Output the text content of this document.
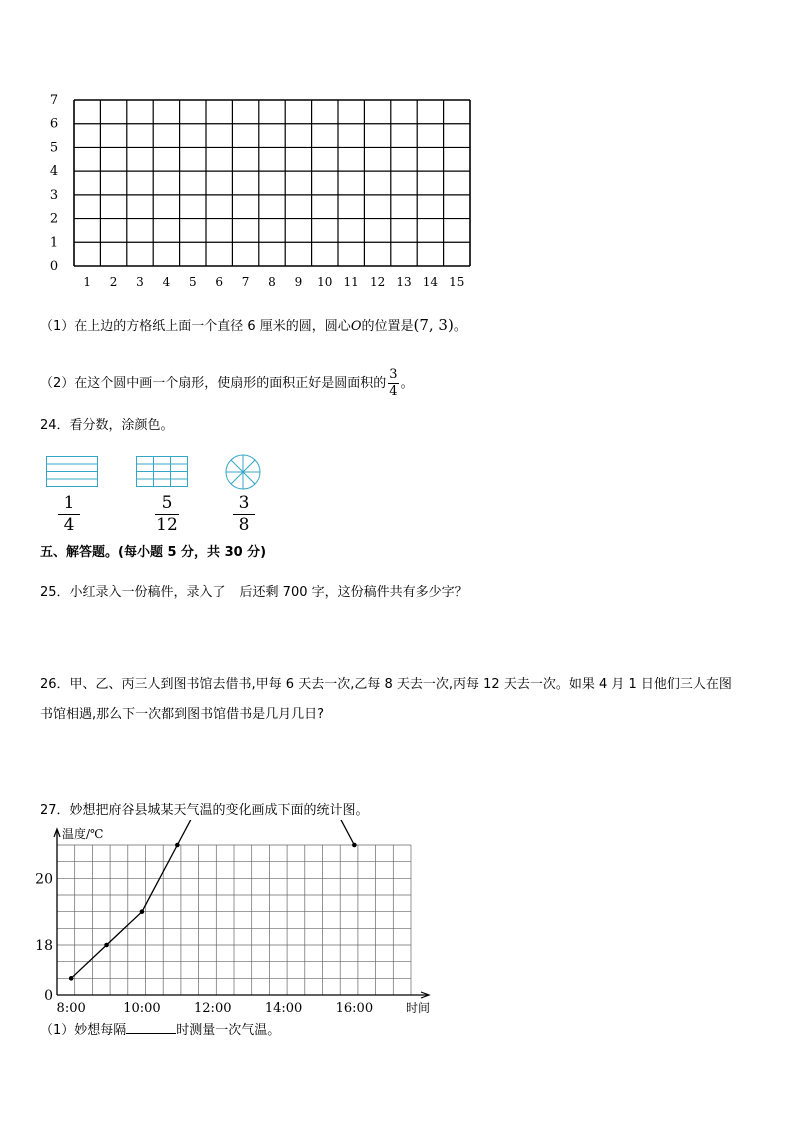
0
1
2
3
4
5
6
7
1 2 3 4 5 6 7 8 9 10 11 12 13 14 15
（1）在上边的方格纸上面一个直径 6 厘米的圆，圆心O的位置是(7, 3)。
（2）在这个圆中画一个扇形，使扇形的面积正好是圆面积的 $\frac{3}{4}$ 。
24．看分数，涂颜色。
1
4
5
12
3
8
五、解答题。(每小题 5 分，共 30 分)
25．小红录入一份稿件，录入了 后还剩 700 字，这份稿件共有多少字？
26．甲、乙、丙三人到图书馆去借书,甲每 6 天去一次,乙每 8 天去一次,丙每 12 天去一次。如果 4 月 1 日他们三人在图
书馆相遇,那么下一次都到图书馆借书是几月几日?
27．妙想把府谷县城某天气温的变化画成下面的统计图。
0
18
20
8:00	10:00	12:00	14:00	16:00
温度/℃
时间
（1）妙想每隔	时测量一次气温。
